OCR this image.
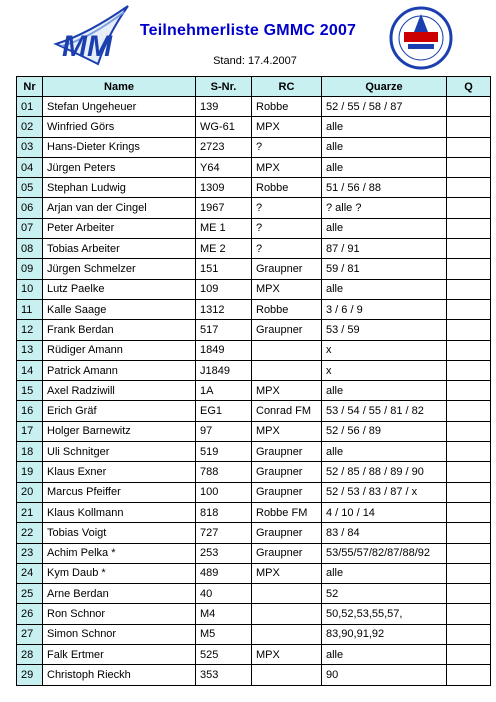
MM	Teilnehmerliste GMMC 2007
Stand: 17.4.2007
Nr	Name	S-Nr.	RC	Quarze	Q
01	Stefan Ungeheuer	139	Robbe	52 / 55 / 58 / 87	
02	Winfried Görs	WG-61	MPX	alle	
03	Hans-Dieter Krings	2723	?	alle	
04	Jürgen Peters	Y64	MPX	alle	
05	Stephan Ludwig	1309	Robbe	51 / 56 / 88	
06	Arjan van der Cingel	1967	?	? alle ?	
07	Peter Arbeiter	ME 1	?	alle	
08	Tobias Arbeiter	ME 2	?	87 / 91	
09	Jürgen Schmelzer	151	Graupner	59 / 81	
10	Lutz Paelke	109	MPX	alle	
11	Kalle Saage	1312	Robbe	3 / 6 / 9	
12	Frank Berdan	517	Graupner	53 / 59	
13	Rüdiger Amann	1849		x	
14	Patrick Amann	J1849		x	
15	Axel Radziwill	1A	MPX	alle	
16	Erich Gräf	EG1	Conrad FM	53 / 54 / 55 / 81 / 82	
17	Holger Barnewitz	97	MPX	52 / 56 / 89	
18	Uli Schnitger	519	Graupner	alle	
19	Klaus Exner	788	Graupner	52 / 85 / 88 / 89 / 90	
20	Marcus Pfeiffer	100	Graupner	52 / 53 / 83 / 87 / x	
21	Klaus Kollmann	818	Robbe FM	4 / 10 / 14	
22	Tobias Voigt	727	Graupner	83 / 84	
23	Achim Pelka *	253	Graupner	53/55/57/82/87/88/92	
24	Kym Daub *	489	MPX	alle	
25	Arne Berdan	40		52	
26	Ron Schnor	M4		50,52,53,55,57,	
27	Simon Schnor	M5		83,90,91,92	
28	Falk Ertmer	525	MPX	alle	
29	Christoph Rieckh	353		90	
